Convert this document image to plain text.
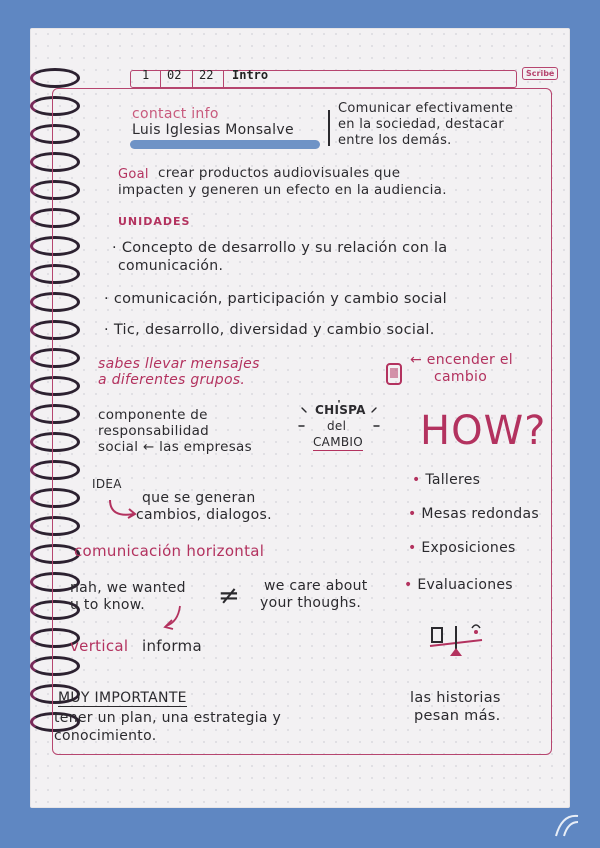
1 02 22 Intro	Scribe
contact info
Luis Iglesias Monsalve
Comunicar efectivamente
en la sociedad, destacar
entre los demás.
Goal crear productos audiovisuales que
impacten y generen un efecto en la audiencia.
UNIDADES
· Concepto de desarrollo y su relación con la
comunicación.
· comunicación, participación y cambio social
· Tic, desarrollo, diversidad y cambio social.
sabes llevar mensajes
a diferentes grupos.
← encender el
cambio
componente de
responsabilidad
social ← las empresas
CHISPA
del
CAMBIO HOW?
• Talleres
• Mesas redondas
• Exposiciones
• Evaluaciones
IDEA
que se generan
cambios, dialogos.
comunicación horizontal
nah, we wanted
u to know.	≠ we care about
your thoughs.
vertical informa
MUY IMPORTANTE
tener un plan, una estrategia y
conocimiento.
las historias
pesan más.
